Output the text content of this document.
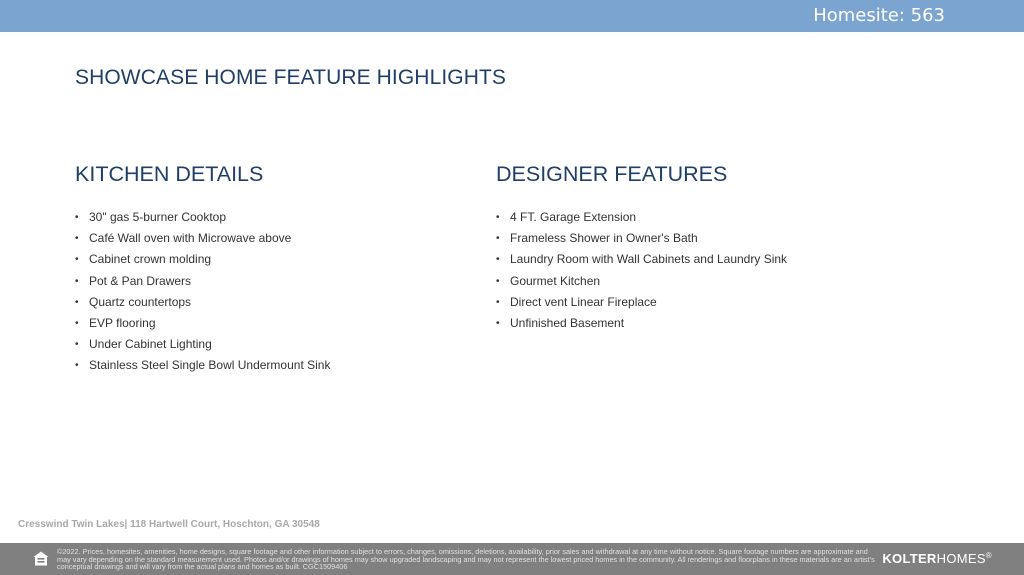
Homesite: 563
SHOWCASE HOME FEATURE HIGHLIGHTS
KITCHEN DETAILS
• 30" gas 5-burner Cooktop
• Café Wall oven with Microwave above
• Cabinet crown molding
• Pot & Pan Drawers
• Quartz countertops
• EVP flooring
• Under Cabinet Lighting
• Stainless Steel Single Bowl Undermount Sink
DESIGNER FEATURES
• 4 FT. Garage Extension
• Frameless Shower in Owner's Bath
• Laundry Room with Wall Cabinets and Laundry Sink
• Gourmet Kitchen
• Direct vent Linear Fireplace
• Unfinished Basement
Cresswind Twin Lakes| 118 Hartwell Court, Hoschton, GA 30548
©2022. Prices, homesites, amenities, home designs, square footage and other information subject to errors, changes, omissions, deletions, availability, prior sales and withdrawal at any time without notice. Square footage numbers are approximate and may vary depending on the standard measurement used. Photos and/or drawings of homes may show upgraded landscaping and may not represent the lowest priced homes in the community. All renderings and floorplans in these materials are an artist's conceptual drawings and will vary from the actual plans and homes as built. CGC1509406
KOLTERHOMES®
